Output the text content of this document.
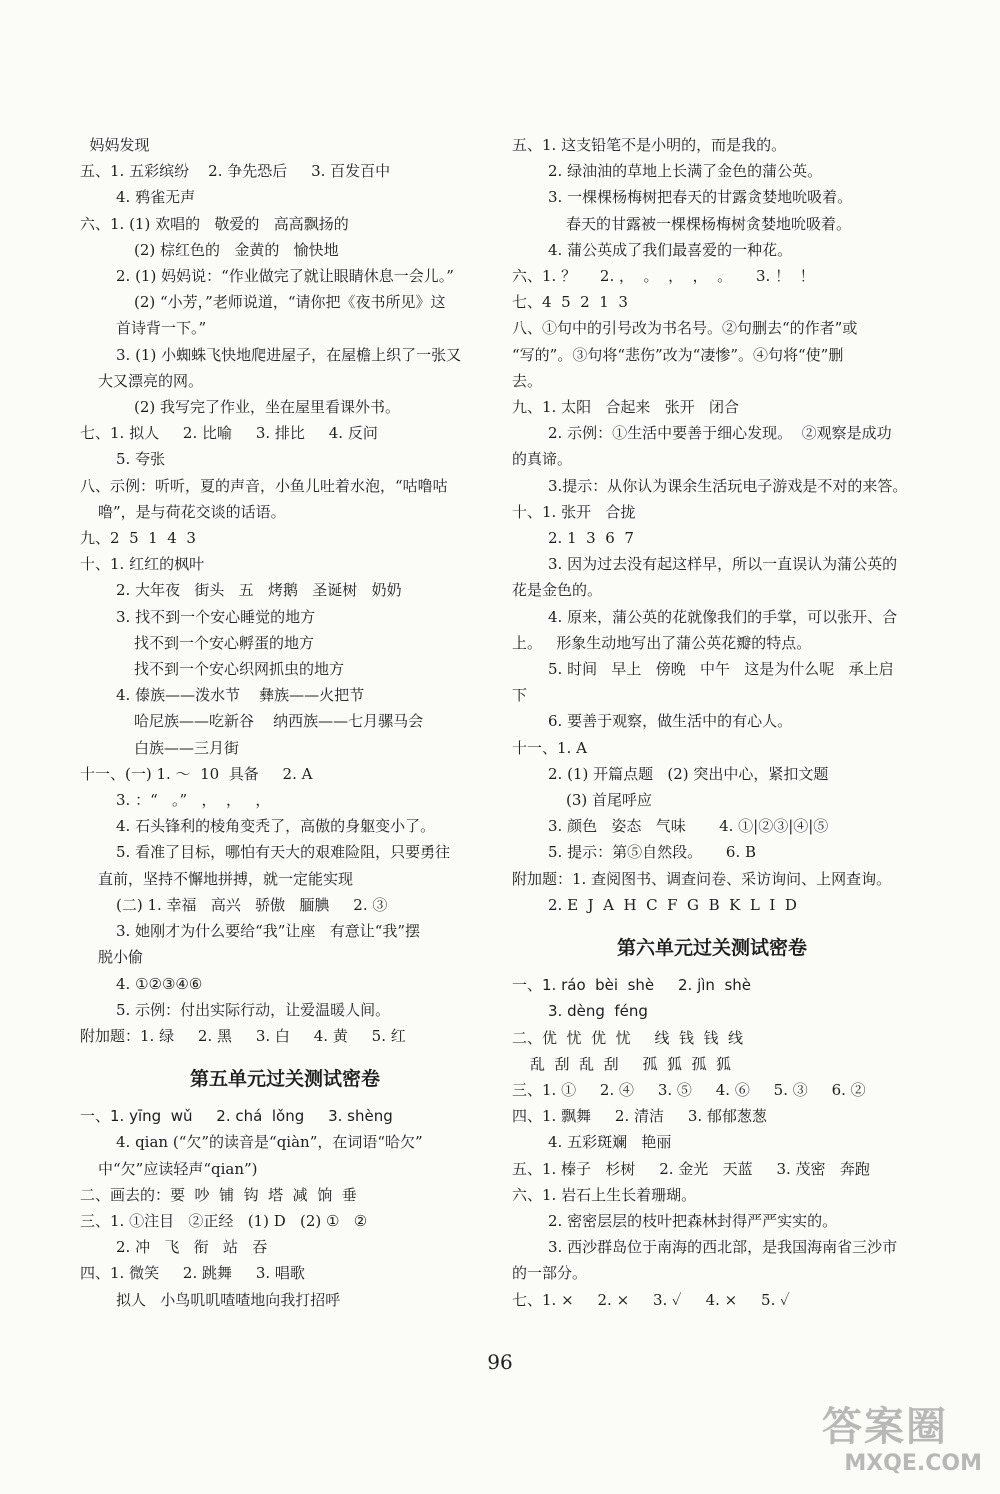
妈妈发现
五、1. 五彩缤纷    2. 争先恐后     3. 百发百中
4. 鸦雀无声
六、1. (1) 欢唱的   敬爱的   高高飘扬的
(2) 棕红色的   金黄的   愉快地
2. (1) 妈妈说：“作业做完了就让眼睛休息一会儿。”
(2) “小芳，”老师说道，“请你把《夜书所见》这
首诗背一下。”
3. (1) 小蜘蛛飞快地爬进屋子，在屋檐上织了一张又
大又漂亮的网。
(2) 我写完了作业，坐在屋里看课外书。
七、1. 拟人     2. 比喻     3. 排比     4. 反问
5. 夸张
八、示例：听听，夏的声音，小鱼儿吐着水泡，“咕噜咕
噜”，是与荷花交谈的话语。
九、2  5  1  4  3
十、1. 红红的枫叶
2. 大年夜   街头   五   烤鹅   圣诞树   奶奶
3. 找不到一个安心睡觉的地方
找不到一个安心孵蛋的地方
找不到一个安心织网抓虫的地方
4. 傣族——泼水节    彝族——火把节
哈尼族——吃新谷    纳西族——七月骡马会
白族——三月街
十一、(一) 1. ～  10  具备     2. A
3. ：“   。”   ，  ，   ，
4. 石头锋利的棱角变秃了，高傲的身躯变小了。
5. 看准了目标，哪怕有天大的艰难险阻，只要勇往
直前，坚持不懈地拼搏，就一定能实现
(二) 1. 幸福   高兴   骄傲   腼腆     2. ③
3. 她刚才为什么要给“我”让座   有意让“我”摆
脱小偷
4. ①②③④⑥
5. 示例：付出实际行动，让爱温暖人间。
附加题：1. 绿     2. 黑     3. 白     4. 黄     5. 红
第五单元过关测试密卷
一、1. yīng  wǔ     2. chá  lǒng     3. shèng
4. qian (“欠”的读音是“qiàn”，在词语“哈欠”
中“欠”应读轻声“qian”)
二、画去的：要  吵  铺  钩  塔  减  饷  垂
三、1. ①注目   ②正经   (1) D   (2) ①   ②
2. 冲   飞   衔   站   吞
四、1. 微笑     2. 跳舞     3. 唱歌
拟人   小鸟叽叽喳喳地向我打招呼
五、1. 这支铅笔不是小明的，而是我的。
2. 绿油油的草地上长满了金色的蒲公英。
3. 一棵棵杨梅树把春天的甘露贪婪地吮吸着。
春天的甘露被一棵棵杨梅树贪婪地吮吸着。
4. 蒲公英成了我们最喜爱的一种花。
六、1. ？     2. ，  。  ，  ，  。     3. ！  ！
七、4  5  2  1  3
八、①句中的引号改为书名号。②句删去“的作者”或
“写的”。③句将“悲伤”改为“凄惨”。④句将“使”删
去。
九、1. 太阳   合起来   张开   闭合
2. 示例：①生活中要善于细心发现。  ②观察是成功
的真谛。
3.提示：从你认为课余生活玩电子游戏是不对的来答。
十、1. 张开   合拢
2. 1  3  6  7
3. 因为过去没有起这样早，所以一直误认为蒲公英的
花是金色的。
4. 原来，蒲公英的花就像我们的手掌，可以张开、合
上。   形象生动地写出了蒲公英花瓣的特点。
5. 时间   早上   傍晚   中午   这是为什么呢   承上启
下
6. 要善于观察，做生活中的有心人。
十一、1. A
2. (1) 开篇点题   (2) 突出中心，紧扣文题
(3) 首尾呼应
3. 颜色   姿态   气味       4. ①|②③|④|⑤
5. 提示：第⑤自然段。     6. B
附加题：1. 查阅图书、调查问卷、采访询问、上网查询。
2. E  J  A  H  C  F  G  B  K  L  I  D
第六单元过关测试密卷
一、1. ráo  bèi  shè     2. jìn  shè
3. dèng  féng
二、优  忧  优  忧     线  钱  钱  线
乱  刮  乱  刮     孤  狐  孤  狐
三、1. ①     2. ④     3. ⑤     4. ⑥     5. ③     6. ②
四、1. 飘舞     2. 清洁     3. 郁郁葱葱
4. 五彩斑斓   艳丽
五、1. 榛子   杉树     2. 金光   天蓝     3. 茂密   奔跑
六、1. 岩石上生长着珊瑚。
2. 密密层层的枝叶把森林封得严严实实的。
3. 西沙群岛位于南海的西北部，是我国海南省三沙市
的一部分。
七、1. ×     2. ×     3. ✓     4. ×     5. ✓
96
答案圈
MXQE.COM
